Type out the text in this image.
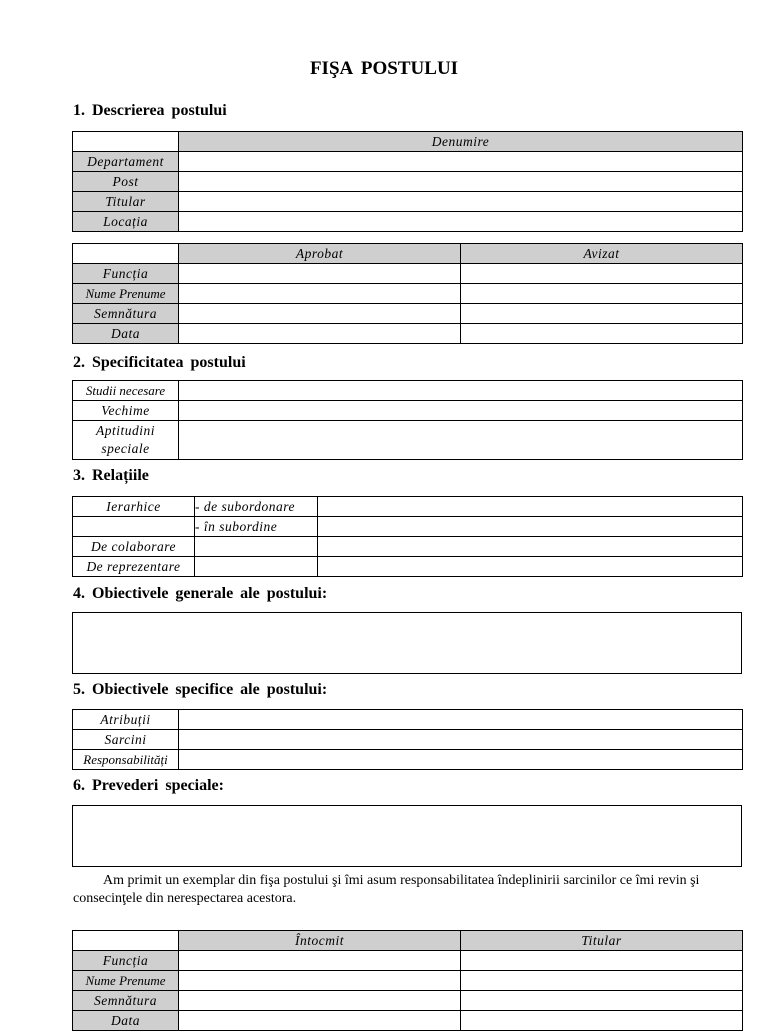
FIŞA POSTULUI
1. Descrierea postului
	Denumire
Departament	
Post	
Titular	
Locația	
	Aprobat	Avizat
Funcția		
Nume Prenume		
Semnătura		
Data		
2. Specificitatea postului
Studii necesare	
Vechime	
Aptitudini speciale	
3. Relațiile
Ierarhice	- de subordonare	
	- în subordine	
De colaborare		
De reprezentare		
4. Obiectivele generale ale postului:
5. Obiectivele specifice ale postului:
Atribuții	
Sarcini	
Responsabilități	
6. Prevederi speciale:
Am primit un exemplar din fişa postului şi îmi asum responsabilitatea îndeplinirii sarcinilor ce îmi revin şi consecinţele din nerespectarea acestora.
	Întocmit	Titular
Funcția		
Nume Prenume		
Semnătura		
Data		
